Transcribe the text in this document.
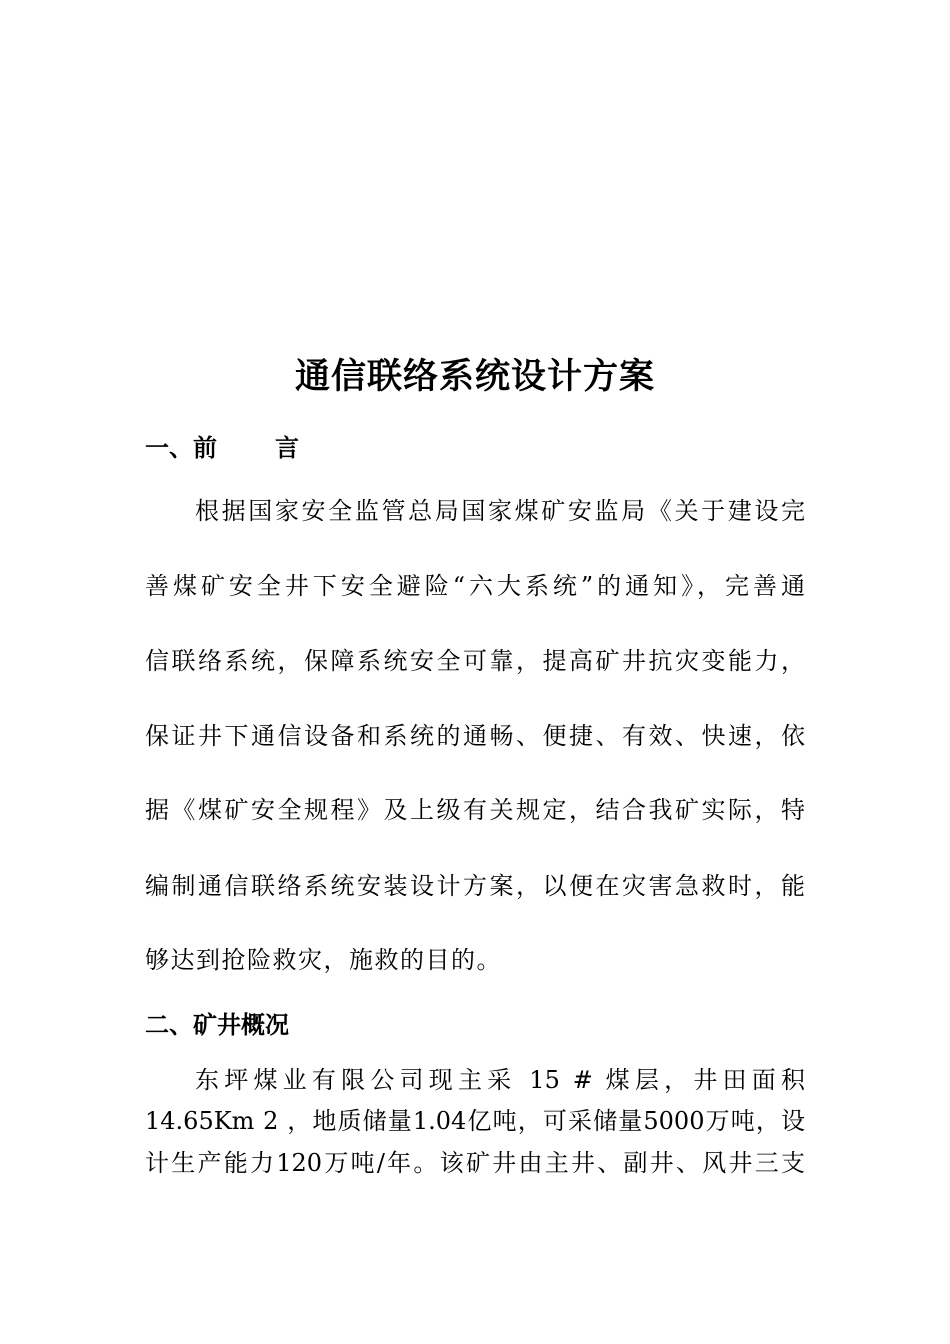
通信联络系统设计方案
一、前 言
根据国家安全监管总局国家煤矿安监局《关于建设完
善煤矿安全井下安全避险“六大系统”的通知》，完善通
信联络系统，保障系统安全可靠，提高矿井抗灾变能力，
保证井下通信设备和系统的通畅、便捷、有效、快速，依
据《煤矿安全规程》及上级有关规定，结合我矿实际，特
编制通信联络系统安装设计方案，以便在灾害急救时，能
够达到抢险救灾，施救的目的。
二、矿井概况
东坪煤业有限公司现主采 15 # 煤层，井田面积
14.65Km 2 ，地质储量1.04亿吨，可采储量5000万吨，设
计生产能力120万吨/年。该矿井由主井、副井、风井三支
